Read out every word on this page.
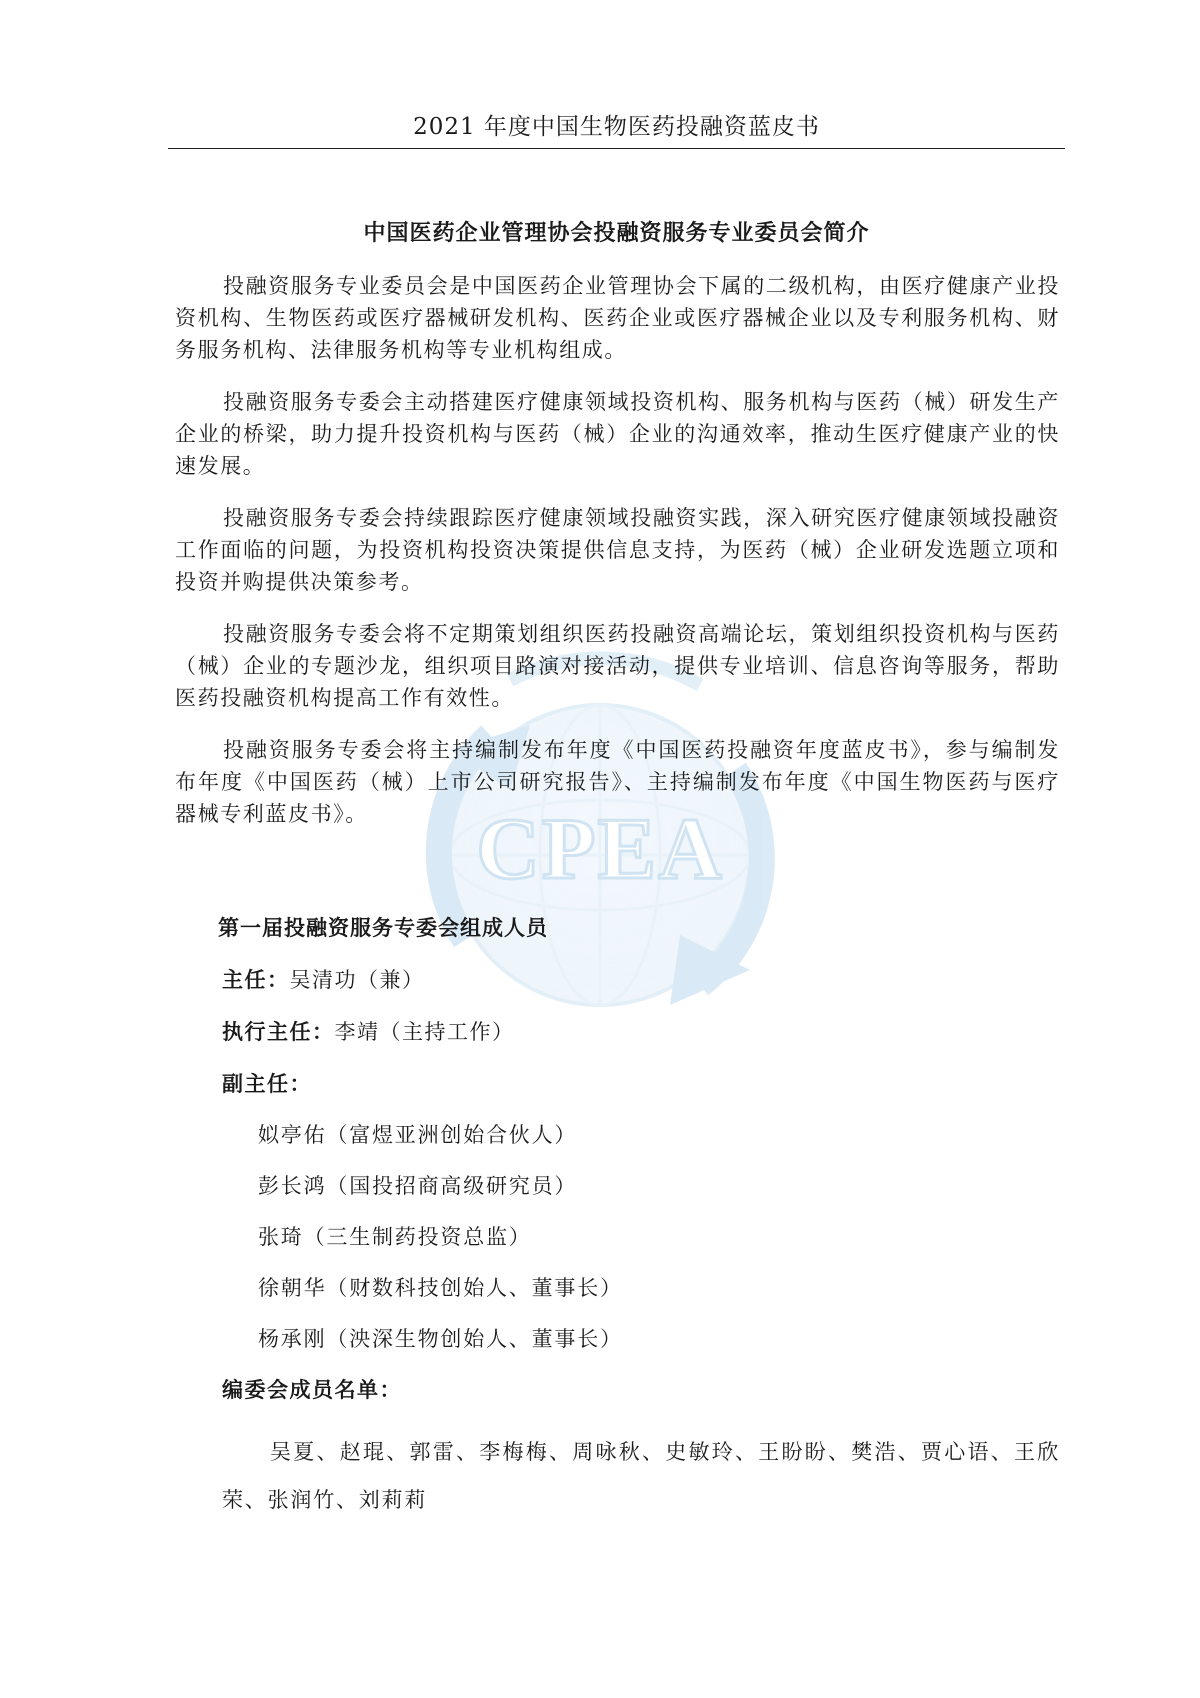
CPEA
2021 年度中国生物医药投融资蓝皮书
中国医药企业管理协会投融资服务专业委员会简介

投融资服务专业委员会是中国医药企业管理协会下属的二级机构，由医疗健康产业投资机构、生物医药或医疗器械研发机构、医药企业或医疗器械企业以及专利服务机构、财务服务机构、法律服务机构等专业机构组成。

投融资服务专委会主动搭建医疗健康领域投资机构、服务机构与医药（械）研发生产企业的桥梁，助力提升投资机构与医药（械）企业的沟通效率，推动生医疗健康产业的快速发展。

投融资服务专委会持续跟踪医疗健康领域投融资实践，深入研究医疗健康领域投融资工作面临的问题，为投资机构投资决策提供信息支持，为医药（械）企业研发选题立项和投资并购提供决策参考。

投融资服务专委会将不定期策划组织医药投融资高端论坛，策划组织投资机构与医药（械）企业的专题沙龙，组织项目路演对接活动，提供专业培训、信息咨询等服务，帮助医药投融资机构提高工作有效性。

投融资服务专委会将主持编制发布年度《中国医药投融资年度蓝皮书》，参与编制发布年度《中国医药（械）上市公司研究报告》、主持编制发布年度《中国生物医药与医疗器械专利蓝皮书》。

第一届投融资服务专委会组成人员
主任：吴清功（兼）
执行主任：李靖（主持工作）
副主任：
姒亭佑（富煜亚洲创始合伙人）
彭长鸿（国投招商高级研究员）
张琦（三生制药投资总监）
徐朝华（财数科技创始人、董事长）
杨承刚（泱深生物创始人、董事长）
编委会成员名单：
吴夏、赵琨、郭雷、李梅梅、周咏秋、史敏玲、王盼盼、樊浩、贾心语、王欣荣、张润竹、刘莉莉
